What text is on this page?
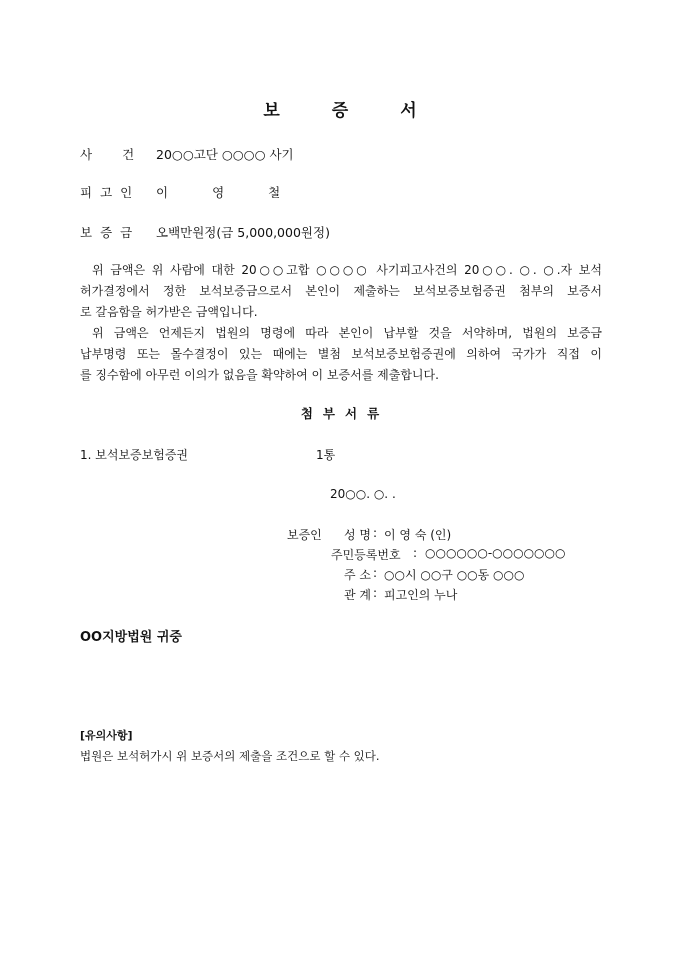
보	증	서
사 건 20○○고단 ○○○○ 사기
피 고 인 이	영	철
보 증 금 오백만원정(금 5,000,000원정)
위 금액은 위 사람에 대한 20○○고합 ○○○○ 사기피고사건의 20○○. ○. ○.자 보석
허가결정에서 정한 보석보증금으로서 본인이 제출하는 보석보증보험증권 첨부의 보증서
로 갈음함을 허가받은 금액입니다.
위 금액은 언제든지 법원의 명령에 따라 본인이 납부할 것을 서약하며, 법원의 보증금
납부명령 또는 몰수결정이 있는 때에는 별첨 보석보증보험증권에 의하여 국가가 직접 이
를 징수함에 아무런 이의가 없음을 확약하여 이 보증서를 제출합니다.
첨 부 서 류
1. 보석보증보험증권	1통
20○○. ○. .
보증인	성 명 : 이 영 숙 (인)
주민등록번호 : ○○○○○○-○○○○○○○
주 소 : ○○시 ○○구 ○○동 ○○○
관 계 : 피고인의 누나
OO지방법원 귀중
[유의사항]
법원은 보석허가시 위 보증서의 제출을 조건으로 할 수 있다.
